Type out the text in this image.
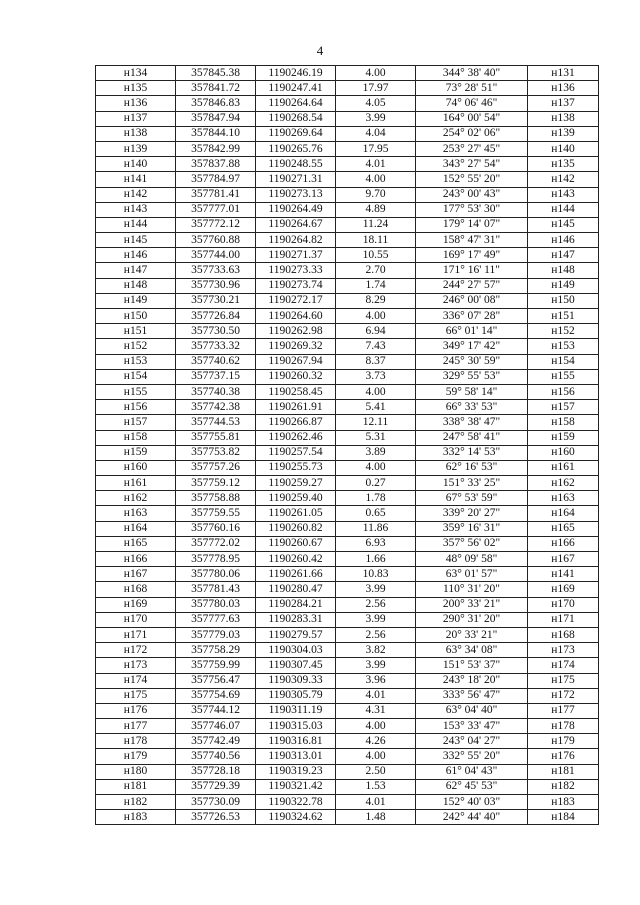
4
н134	357845.38	1190246.19	4.00	344° 38' 40"	н131
н135	357841.72	1190247.41	17.97	73° 28' 51"	н136
н136	357846.83	1190264.64	4.05	74° 06' 46"	н137
н137	357847.94	1190268.54	3.99	164° 00' 54"	н138
н138	357844.10	1190269.64	4.04	254° 02' 06"	н139
н139	357842.99	1190265.76	17.95	253° 27' 45"	н140
н140	357837.88	1190248.55	4.01	343° 27' 54"	н135
н141	357784.97	1190271.31	4.00	152° 55' 20"	н142
н142	357781.41	1190273.13	9.70	243° 00' 43"	н143
н143	357777.01	1190264.49	4.89	177° 53' 30"	н144
н144	357772.12	1190264.67	11.24	179° 14' 07"	н145
н145	357760.88	1190264.82	18.11	158° 47' 31"	н146
н146	357744.00	1190271.37	10.55	169° 17' 49"	н147
н147	357733.63	1190273.33	2.70	171° 16' 11"	н148
н148	357730.96	1190273.74	1.74	244° 27' 57"	н149
н149	357730.21	1190272.17	8.29	246° 00' 08"	н150
н150	357726.84	1190264.60	4.00	336° 07' 28"	н151
н151	357730.50	1190262.98	6.94	66° 01' 14"	н152
н152	357733.32	1190269.32	7.43	349° 17' 42"	н153
н153	357740.62	1190267.94	8.37	245° 30' 59"	н154
н154	357737.15	1190260.32	3.73	329° 55' 53"	н155
н155	357740.38	1190258.45	4.00	59° 58' 14"	н156
н156	357742.38	1190261.91	5.41	66° 33' 53"	н157
н157	357744.53	1190266.87	12.11	338° 38' 47"	н158
н158	357755.81	1190262.46	5.31	247° 58' 41"	н159
н159	357753.82	1190257.54	3.89	332° 14' 53"	н160
н160	357757.26	1190255.73	4.00	62° 16' 53"	н161
н161	357759.12	1190259.27	0.27	151° 33' 25"	н162
н162	357758.88	1190259.40	1.78	67° 53' 59"	н163
н163	357759.55	1190261.05	0.65	339° 20' 27"	н164
н164	357760.16	1190260.82	11.86	359° 16' 31"	н165
н165	357772.02	1190260.67	6.93	357° 56' 02"	н166
н166	357778.95	1190260.42	1.66	48° 09' 58"	н167
н167	357780.06	1190261.66	10.83	63° 01' 57"	н141
н168	357781.43	1190280.47	3.99	110° 31' 20"	н169
н169	357780.03	1190284.21	2.56	200° 33' 21"	н170
н170	357777.63	1190283.31	3.99	290° 31' 20"	н171
н171	357779.03	1190279.57	2.56	20° 33' 21"	н168
н172	357758.29	1190304.03	3.82	63° 34' 08"	н173
н173	357759.99	1190307.45	3.99	151° 53' 37"	н174
н174	357756.47	1190309.33	3.96	243° 18' 20"	н175
н175	357754.69	1190305.79	4.01	333° 56' 47"	н172
н176	357744.12	1190311.19	4.31	63° 04' 40"	н177
н177	357746.07	1190315.03	4.00	153° 33' 47"	н178
н178	357742.49	1190316.81	4.26	243° 04' 27"	н179
н179	357740.56	1190313.01	4.00	332° 55' 20"	н176
н180	357728.18	1190319.23	2.50	61° 04' 43"	н181
н181	357729.39	1190321.42	1.53	62° 45' 53"	н182
н182	357730.09	1190322.78	4.01	152° 40' 03"	н183
н183	357726.53	1190324.62	1.48	242° 44' 40"	н184
